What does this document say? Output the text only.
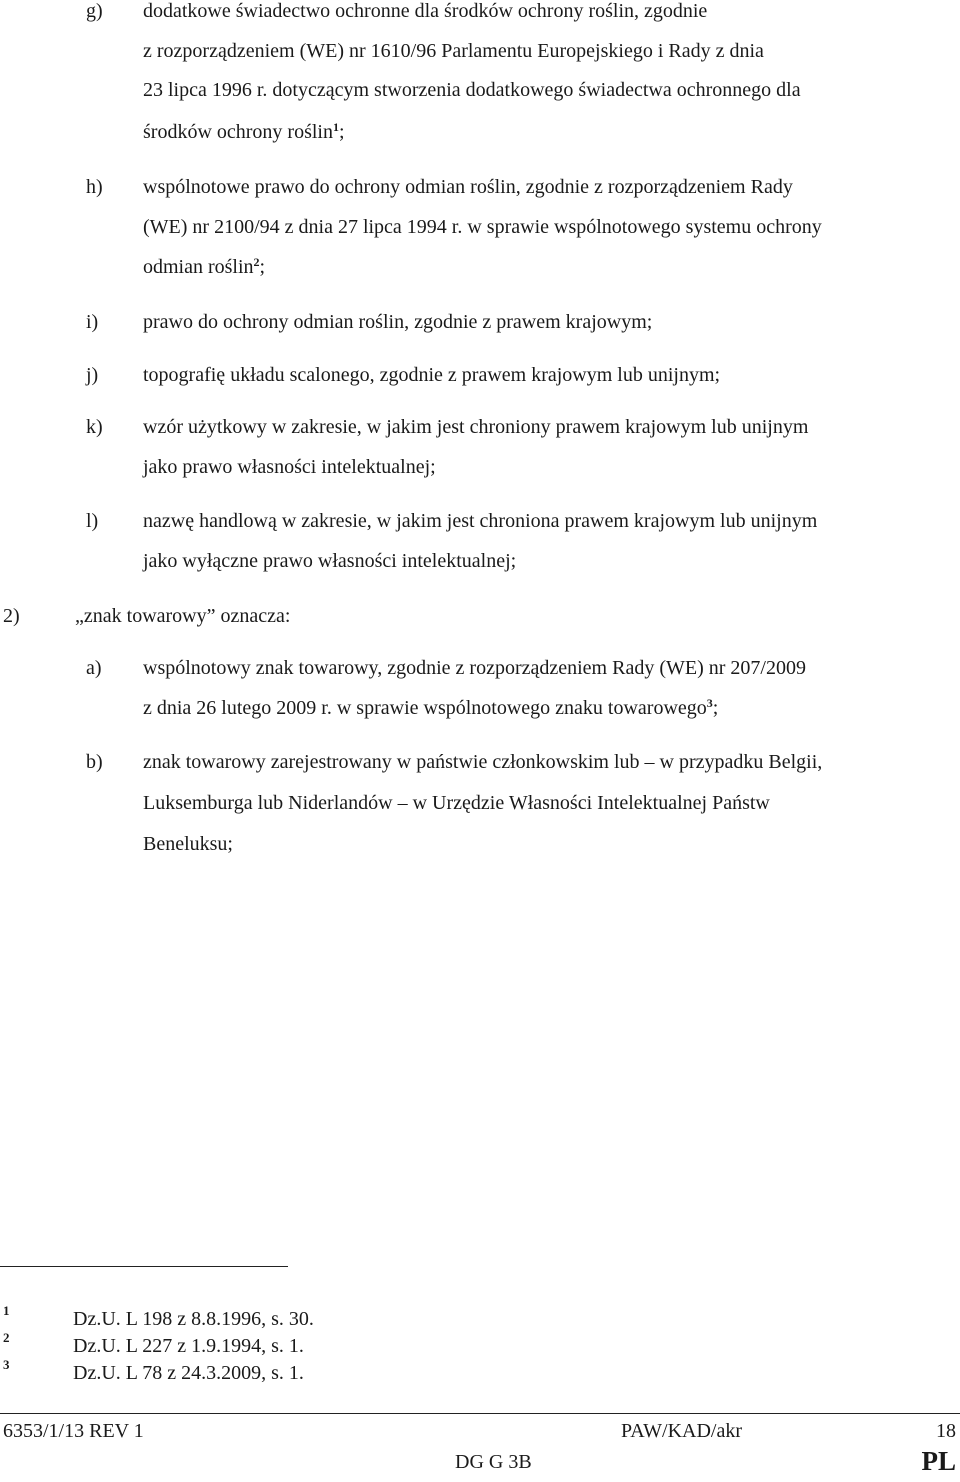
g) dodatkowe świadectwo ochronne dla środków ochrony roślin, zgodnie
z rozporządzeniem (WE) nr 1610/96 Parlamentu Europejskiego i Rady z dnia
23 lipca 1996 r. dotyczącym stworzenia dodatkowego świadectwa ochronnego dla
środków ochrony roślin$^1$;
h) wspólnotowe prawo do ochrony odmian roślin, zgodnie z rozporządzeniem Rady
(WE) nr 2100/94 z dnia 27 lipca 1994 r. w sprawie wspólnotowego systemu ochrony
odmian roślin$^2$;
i) prawo do ochrony odmian roślin, zgodnie z prawem krajowym;
j) topografię układu scalonego, zgodnie z prawem krajowym lub unijnym;
k) wzór użytkowy w zakresie, w jakim jest chroniony prawem krajowym lub unijnym
jako prawo własności intelektualnej;
l) nazwę handlową w zakresie, w jakim jest chroniona prawem krajowym lub unijnym
jako wyłączne prawo własności intelektualnej;
2)	„znak towarowy” oznacza:
a) wspólnotowy znak towarowy, zgodnie z rozporządzeniem Rady (WE) nr 207/2009
z dnia 26 lutego 2009 r. w sprawie wspólnotowego znaku towarowego$^3$;
b) znak towarowy zarejestrowany w państwie członkowskim lub – w przypadku Belgii,
Luksemburga lub Niderlandów – w Urzędzie Własności Intelektualnej Państw
Beneluksu;
1	Dz.U. L 198 z 8.8.1996, s. 30.
2	Dz.U. L 227 z 1.9.1994, s. 1.
3	Dz.U. L 78 z 24.3.2009, s. 1.
6353/1/13 REV 1	PAW/KAD/akr	18
DG G 3B	PL
